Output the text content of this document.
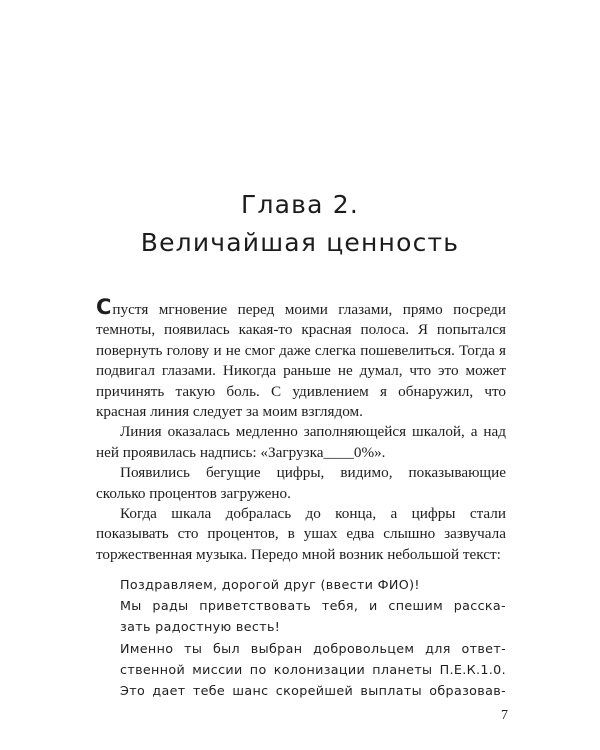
Глава 2.
Величайшая ценность

Спустя мгновение перед моими глазами, прямо посреди темноты, появилась какая-то красная полоса. Я попытался повернуть голову и не смог даже слегка пошевелиться. Тогда я подвигал глазами. Никогда раньше не думал, что это может причинять такую боль. С удивлением я обнаружил, что красная линия следует за моим взглядом.

Линия оказалась медленно заполняющейся шкалой, а над ней проявилась надпись: «Загрузка____0%».

Появились бегущие цифры, видимо, показывающие сколько процентов загружено.

Когда шкала добралась до конца, а цифры стали показывать сто процентов, в ушах едва слышно зазвучала торжественная музыка. Передо мной возник небольшой текст:

Поздравляем, дорогой друг (ввести ФИО)!

Мы рады приветствовать тебя, и спешим расска-

зать радостную весть!

Именно ты был выбран добровольцем для ответ-

ственной миссии по колонизации планеты П.Е.К.1.0.

Это дает тебе шанс скорейшей выплаты образовав-

7
